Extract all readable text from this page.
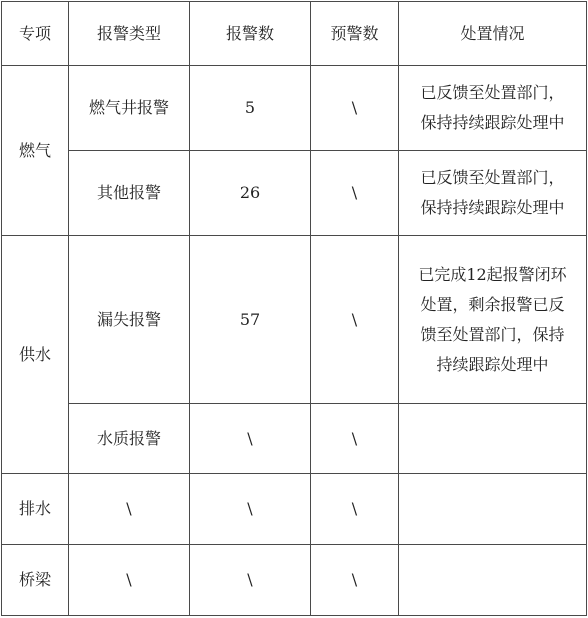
专项	报警类型	报警数	预警数	处置情况
燃气	燃气井报警	5	\	已反馈至处置部门，
保持持续跟踪处理中

	其他报警	26	\	已反馈至处置部门，
保持持续跟踪处理中

供水	漏失报警	57	\	已完成12起报警闭环
处置，剩余报警已反
馈至处置部门，保持
持续跟踪处理中

	水质报警	\	\	
排水	\	\	\	
桥梁	\	\	\	
